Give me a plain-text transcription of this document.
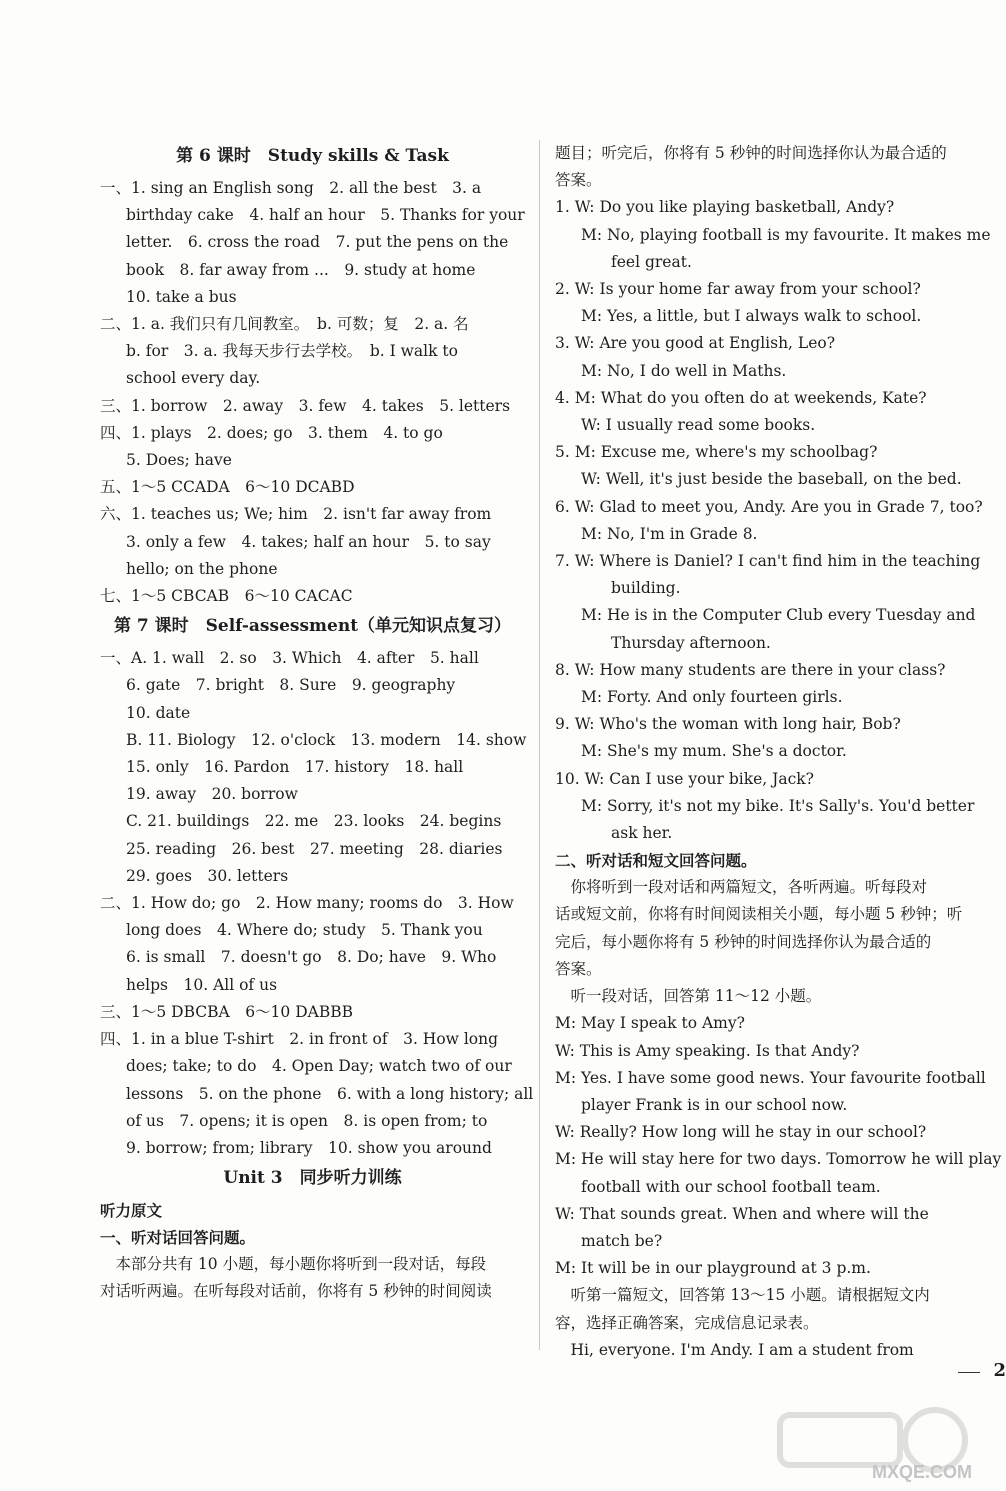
第 6 课时　Study skills & Task
一、1. sing an English song　2. all the best　3. a
birthday cake　4. half an hour　5. Thanks for your
letter.　6. cross the road　7. put the pens on the
book　8. far away from ...　9. study at home
10. take a bus
二、1. a. 我们只有几间教室。　b. 可数；复　2. a. 名
b. for　3. a. 我每天步行去学校。　b. I walk to
school every day.
三、1. borrow　2. away　3. few　4. takes　5. letters
四、1. plays　2. does; go　3. them　4. to go
5. Does; have
五、1～5 CCADA　6～10 DCABD
六、1. teaches us; We; him　2. isn't far away from
3. only a few　4. takes; half an hour　5. to say
hello; on the phone
七、1～5 CBCAB　6～10 CACAC
第 7 课时　Self-assessment（单元知识点复习）
一、A. 1. wall　2. so　3. Which　4. after　5. hall
6. gate　7. bright　8. Sure　9. geography
10. date
B. 11. Biology　12. o'clock　13. modern　14. show
15. only　16. Pardon　17. history　18. hall
19. away　20. borrow
C. 21. buildings　22. me　23. looks　24. begins
25. reading　26. best　27. meeting　28. diaries
29. goes　30. letters
二、1. How do; go　2. How many; rooms do　3. How
long does　4. Where do; study　5. Thank you
6. is small　7. doesn't go　8. Do; have　9. Who
helps　10. All of us
三、1～5 DBCBA　6～10 DABBB
四、1. in a blue T-shirt　2. in front of　3. How long
does; take; to do　4. Open Day; watch two of our
lessons　5. on the phone　6. with a long history; all
of us　7. opens; it is open　8. is open from; to
9. borrow; from; library　10. show you around
Unit 3　同步听力训练
听力原文
一、听对话回答问题。
　本部分共有 10 小题，每小题你将听到一段对话，每段
对话听两遍。在听每段对话前，你将有 5 秒钟的时间阅读
题目；听完后，你将有 5 秒钟的时间选择你认为最合适的
答案。
1. W: Do you like playing basketball, Andy?
M: No, playing football is my favourite. It makes me
feel great.
2. W: Is your home far away from your school?
M: Yes, a little, but I always walk to school.
3. W: Are you good at English, Leo?
M: No, I do well in Maths.
4. M: What do you often do at weekends, Kate?
W: I usually read some books.
5. M: Excuse me, where's my schoolbag?
W: Well, it's just beside the baseball, on the bed.
6. W: Glad to meet you, Andy. Are you in Grade 7, too?
M: No, I'm in Grade 8.
7. W: Where is Daniel? I can't find him in the teaching
building.
M: He is in the Computer Club every Tuesday and
Thursday afternoon.
8. W: How many students are there in your class?
M: Forty. And only fourteen girls.
9. W: Who's the woman with long hair, Bob?
M: She's my mum. She's a doctor.
10. W: Can I use your bike, Jack?
M: Sorry, it's not my bike. It's Sally's. You'd better
ask her.
二、听对话和短文回答问题。
　你将听到一段对话和两篇短文，各听两遍。听每段对
话或短文前，你将有时间阅读相关小题，每小题 5 秒钟；听
完后，每小题你将有 5 秒钟的时间选择你认为最合适的
答案。
　听一段对话，回答第 11～12 小题。
M: May I speak to Amy?
W: This is Amy speaking. Is that Andy?
M: Yes. I have some good news. Your favourite football
player Frank is in our school now.
W: Really? How long will he stay in our school?
M: He will stay here for two days. Tomorrow he will play
football with our school football team.
W: That sounds great. When and where will the
match be?
M: It will be in our playground at 3 p.m.
　听第一篇短文，回答第 13～15 小题。请根据短文内
容，选择正确答案，完成信息记录表。
　Hi, everyone. I'm Andy. I am a student from
2
MXQE.COM
